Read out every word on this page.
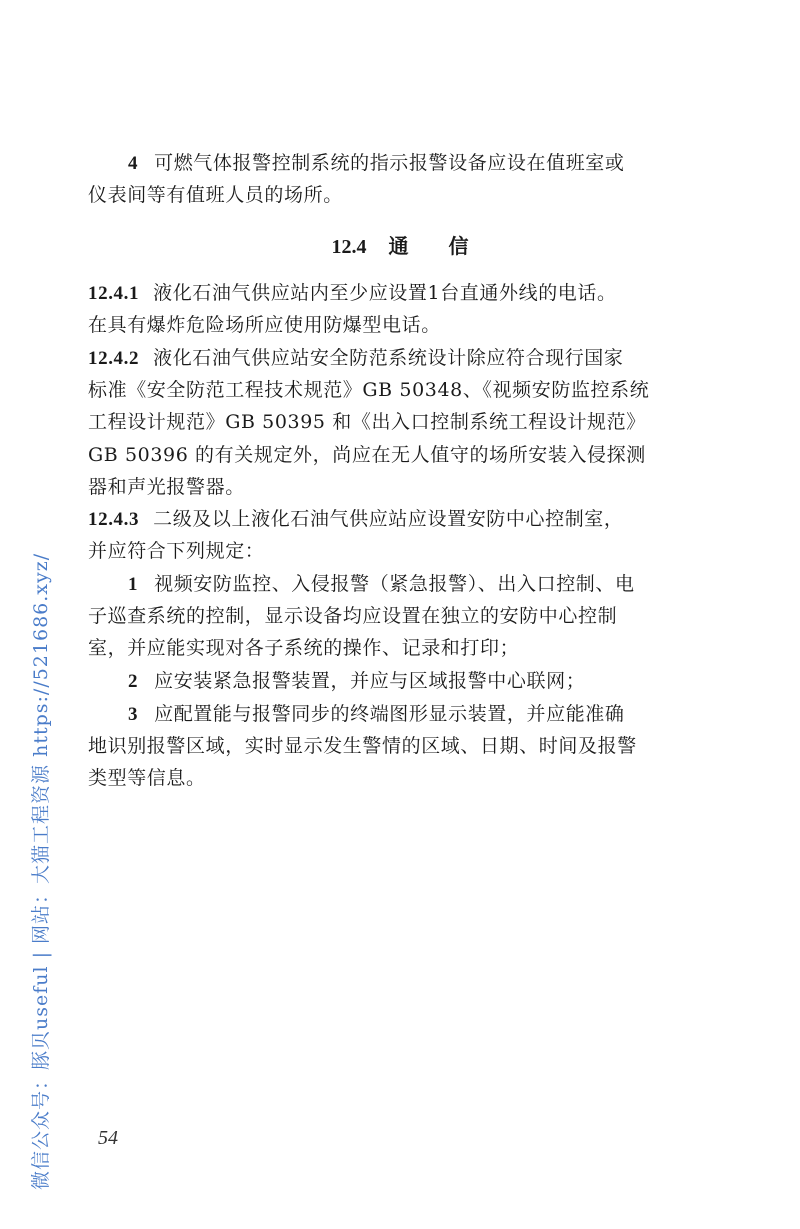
4 可燃气体报警控制系统的指示报警设备应设在值班室或
仪表间等有值班人员的场所。
12.4 通 信
12.4.1 液化石油气供应站内至少应设置1台直通外线的电话。
在具有爆炸危险场所应使用防爆型电话。
12.4.2 液化石油气供应站安全防范系统设计除应符合现行国家
标准《安全防范工程技术规范》GB 50348、《视频安防监控系统
工程设计规范》GB 50395 和《出入口控制系统工程设计规范》
GB 50396 的有关规定外，尚应在无人值守的场所安装入侵探测
器和声光报警器。
12.4.3 二级及以上液化石油气供应站应设置安防中心控制室，
并应符合下列规定：
1 视频安防监控、入侵报警（紧急报警）、出入口控制、电
子巡查系统的控制，显示设备均应设置在独立的安防中心控制
室，并应能实现对各子系统的操作、记录和打印；
2 应安装紧急报警装置，并应与区域报警中心联网；
3 应配置能与报警同步的终端图形显示装置，并应能准确
地识别报警区域，实时显示发生警情的区域、日期、时间及报警
类型等信息。
54
微信公众号：豚贝useful | 网站：大猫工程资源 https://521686.xyz/
